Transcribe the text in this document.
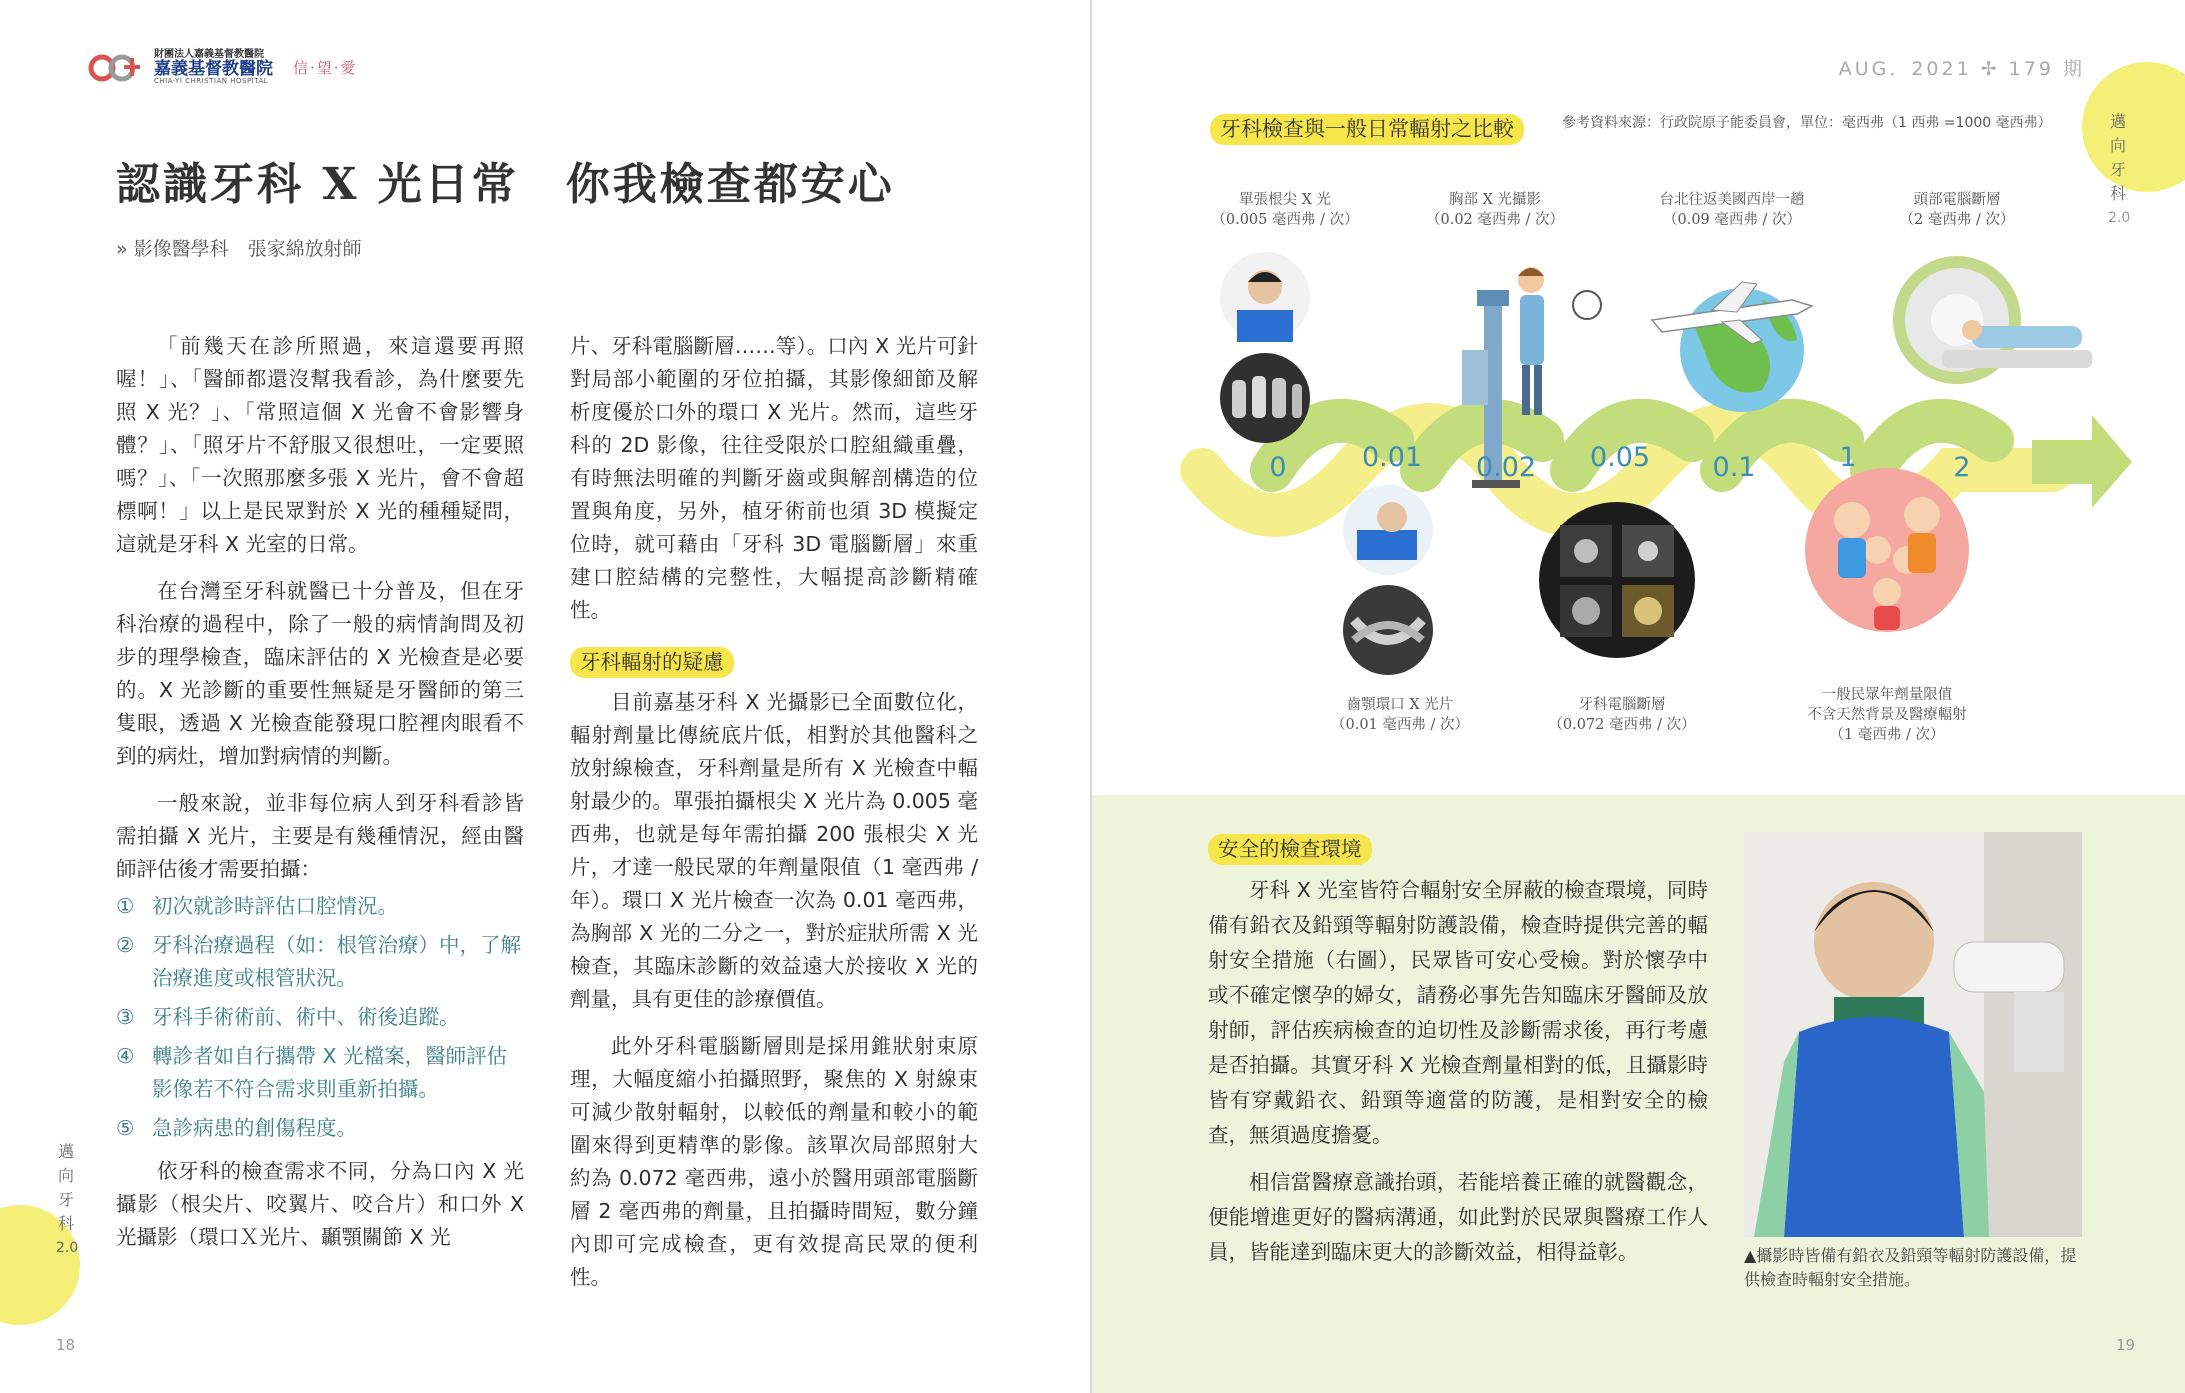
財團法人嘉義基督教醫院
嘉義基督教醫院
CHIA-YI CHRISTIAN HOSPITAL
信‧望‧愛
認識牙科 X 光日常　你我檢查都安心
» 影像醫學科　張家綿放射師

「前幾天在診所照過，來這還要再照喔！」、「醫師都還沒幫我看診，為什麼要先照 X 光？」、「常照這個 X 光會不會影響身體？」、「照牙片不舒服又很想吐，一定要照嗎？」、「一次照那麼多張 X 光片，會不會超標啊！」以上是民眾對於 X 光的種種疑問，這就是牙科 X 光室的日常。

在台灣至牙科就醫已十分普及，但在牙科治療的過程中，除了一般的病情詢問及初步的理學檢查，臨床評估的 X 光檢查是必要的。X 光診斷的重要性無疑是牙醫師的第三隻眼，透過 X 光檢查能發現口腔裡肉眼看不到的病灶，增加對病情的判斷。

一般來說，並非每位病人到牙科看診皆需拍攝 X 光片，主要是有幾種情況，經由醫師評估後才需要拍攝：

① 初次就診時評估口腔情況。
② 牙科治療過程（如：根管治療）中，了解治療進度或根管狀況。
③ 牙科手術術前、術中、術後追蹤。
④ 轉診者如自行攜帶 X 光檔案，醫師評估影像若不符合需求則重新拍攝。
⑤ 急診病患的創傷程度。

依牙科的檢查需求不同，分為口內 X 光攝影（根尖片、咬翼片、咬合片）和口外 X 光攝影（環口Ｘ光片、顳顎關節 X 光

片、牙科電腦斷層……等）。口內 X 光片可針對局部小範圍的牙位拍攝，其影像細節及解析度優於口外的環口 X 光片。然而，這些牙科的 2D 影像，往往受限於口腔組織重疊，有時無法明確的判斷牙齒或與解剖構造的位置與角度，另外，植牙術前也須 3D 模擬定位時，就可藉由「牙科 3D 電腦斷層」來重建口腔結構的完整性，大幅提高診斷精確性。

牙科輻射的疑慮

目前嘉基牙科 X 光攝影已全面數位化，輻射劑量比傳統底片低，相對於其他醫科之放射線檢查，牙科劑量是所有 X 光檢查中輻射最少的。單張拍攝根尖 X 光片為 0.005 毫西弗，也就是每年需拍攝 200 張根尖 X 光片，才達一般民眾的年劑量限值（1 毫西弗 / 年）。環口 X 光片檢查一次為 0.01 毫西弗，為胸部 X 光的二分之一，對於症狀所需 X 光檢查，其臨床診斷的效益遠大於接收 X 光的劑量，具有更佳的診療價值。

此外牙科電腦斷層則是採用錐狀射束原理，大幅度縮小拍攝照野，聚焦的 X 射線束可減少散射輻射，以較低的劑量和較小的範圍來得到更精準的影像。該單次局部照射大約為 0.072 毫西弗，遠小於醫用頭部電腦斷層 2 毫西弗的劑量，且拍攝時間短，數分鐘內即可完成檢查，更有效提高民眾的便利性。

邁
向
牙
科
2.0
18
AUG．2021 ✢ 179 期
邁
向
牙
科
2.0
牙科檢查與一般日常輻射之比較	參考資料來源：行政院原子能委員會，單位：毫西弗（1 西弗 =1000 毫西弗）
單張根尖 X 光
（0.005 毫西弗 / 次）
胸部 X 光攝影
（0.02 毫西弗 / 次）
台北往返美國西岸一趟
（0.09 毫西弗 / 次）
頭部電腦斷層
（2 毫西弗 / 次）
0	0.01 0.02 0.05 0.1	1	2
齒顎環口 X 光片
（0.01 毫西弗 / 次）
牙科電腦斷層
（0.072 毫西弗 / 次）
一般民眾年劑量限值
不含天然背景及醫療輻射
（1 毫西弗 / 次）
安全的檢查環境

牙科 X 光室皆符合輻射安全屏蔽的檢查環境，同時備有鉛衣及鉛頸等輻射防護設備，檢查時提供完善的輻射安全措施（右圖），民眾皆可安心受檢。對於懷孕中或不確定懷孕的婦女，請務必事先告知臨床牙醫師及放射師，評估疾病檢查的迫切性及診斷需求後，再行考慮是否拍攝。其實牙科 X 光檢查劑量相對的低，且攝影時皆有穿戴鉛衣、鉛頸等適當的防護，是相對安全的檢查，無須過度擔憂。

相信當醫療意識抬頭，若能培養正確的就醫觀念，便能增進更好的醫病溝通，如此對於民眾與醫療工作人員，皆能達到臨床更大的診斷效益，相得益彰。	▲攝影時皆備有鉛衣及鉛頸等輻射防護設備，提供檢查時輻射安全措施。
19
